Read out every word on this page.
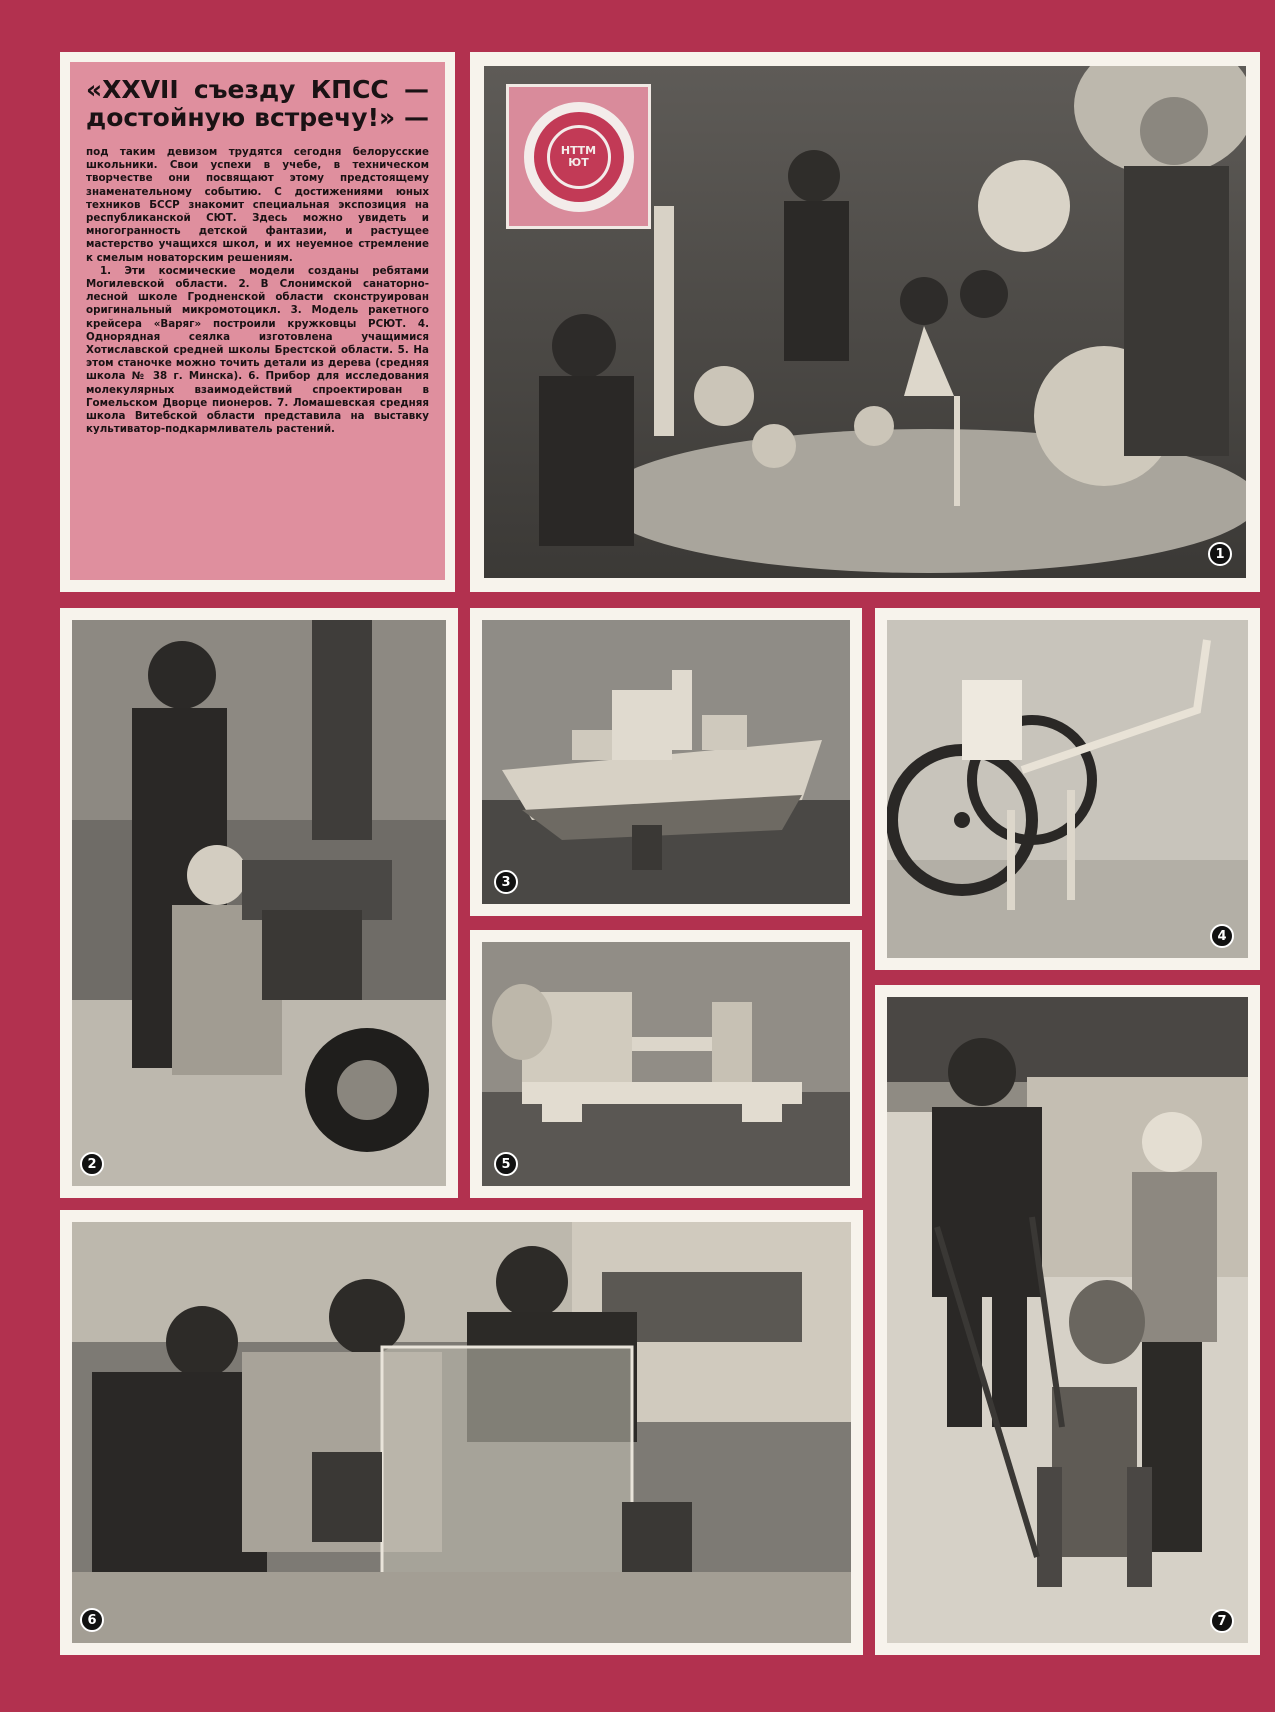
«XXVII съезду КПСС — достойную встречу!» —

под таким девизом трудятся сегодня белорусские школьники. Свои успехи в учебе, в техническом творчестве они посвящают этому предстоящему знаменательному событию. С достижениями юных техников БССР знакомит специальная экспозиция на республиканской СЮТ. Здесь можно увидеть и многогранность детской фантазии, и растущее мастерство учащихся школ, и их неуемное стремление к смелым новаторским решениям.

1. Эти космические модели созданы ребятами Могилевской области. 2. В Слонимской санаторно-лесной школе Гродненской области сконструирован оригинальный микромотоцикл. 3. Модель ракетного крейсера «Варяг» построили кружковцы РСЮТ. 4. Однорядная сеялка изготовлена учащимися Хотиславской средней школы Брестской области. 5. На этом станочке можно точить детали из дерева (средняя школа № 38 г. Минска). 6. Прибор для исследования молекулярных взаимодействий спроектирован в Гомельском Дворце пионеров. 7. Ломашевская средняя школа Витебской области представила на выставку культиватор-подкармливатель растений.

НТТМ
ЮТ
1
2
3
4
5
7
6
